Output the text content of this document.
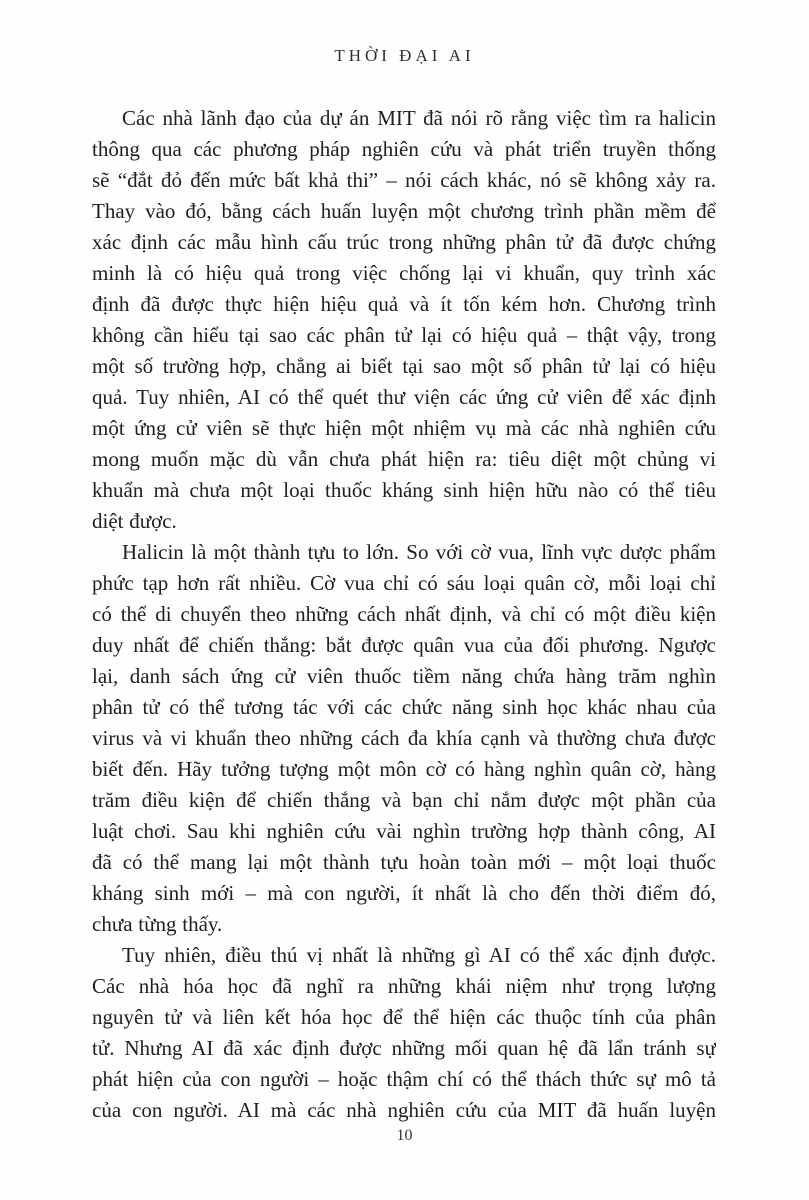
THỜI ĐẠI AI
Các nhà lãnh đạo của dự án MIT đã nói rõ rằng việc tìm ra halicin
thông qua các phương pháp nghiên cứu và phát triển truyền thống
sẽ “đắt đỏ đến mức bất khả thi” – nói cách khác, nó sẽ không xảy ra.
Thay vào đó, bằng cách huấn luyện một chương trình phần mềm để
xác định các mẫu hình cấu trúc trong những phân tử đã được chứng
minh là có hiệu quả trong việc chống lại vi khuẩn, quy trình xác
định đã được thực hiện hiệu quả và ít tốn kém hơn. Chương trình
không cần hiểu tại sao các phân tử lại có hiệu quả – thật vậy, trong
một số trường hợp, chẳng ai biết tại sao một số phân tử lại có hiệu
quả. Tuy nhiên, AI có thể quét thư viện các ứng cử viên để xác định
một ứng cử viên sẽ thực hiện một nhiệm vụ mà các nhà nghiên cứu
mong muốn mặc dù vẫn chưa phát hiện ra: tiêu diệt một chủng vi
khuẩn mà chưa một loại thuốc kháng sinh hiện hữu nào có thể tiêu
diệt được.
Halicin là một thành tựu to lớn. So với cờ vua, lĩnh vực dược phẩm
phức tạp hơn rất nhiều. Cờ vua chỉ có sáu loại quân cờ, mỗi loại chỉ
có thể di chuyển theo những cách nhất định, và chỉ có một điều kiện
duy nhất để chiến thắng: bắt được quân vua của đối phương. Ngược
lại, danh sách ứng cử viên thuốc tiềm năng chứa hàng trăm nghìn
phân tử có thể tương tác với các chức năng sinh học khác nhau của
virus và vi khuẩn theo những cách đa khía cạnh và thường chưa được
biết đến. Hãy tưởng tượng một môn cờ có hàng nghìn quân cờ, hàng
trăm điều kiện để chiến thắng và bạn chỉ nắm được một phần của
luật chơi. Sau khi nghiên cứu vài nghìn trường hợp thành công, AI
đã có thể mang lại một thành tựu hoàn toàn mới – một loại thuốc
kháng sinh mới – mà con người, ít nhất là cho đến thời điểm đó,
chưa từng thấy.
Tuy nhiên, điều thú vị nhất là những gì AI có thể xác định được.
Các nhà hóa học đã nghĩ ra những khái niệm như trọng lượng
nguyên tử và liên kết hóa học để thể hiện các thuộc tính của phân
tử. Nhưng AI đã xác định được những mối quan hệ đã lẩn tránh sự
phát hiện của con người – hoặc thậm chí có thể thách thức sự mô tả
của con người. AI mà các nhà nghiên cứu của MIT đã huấn luyện
10
